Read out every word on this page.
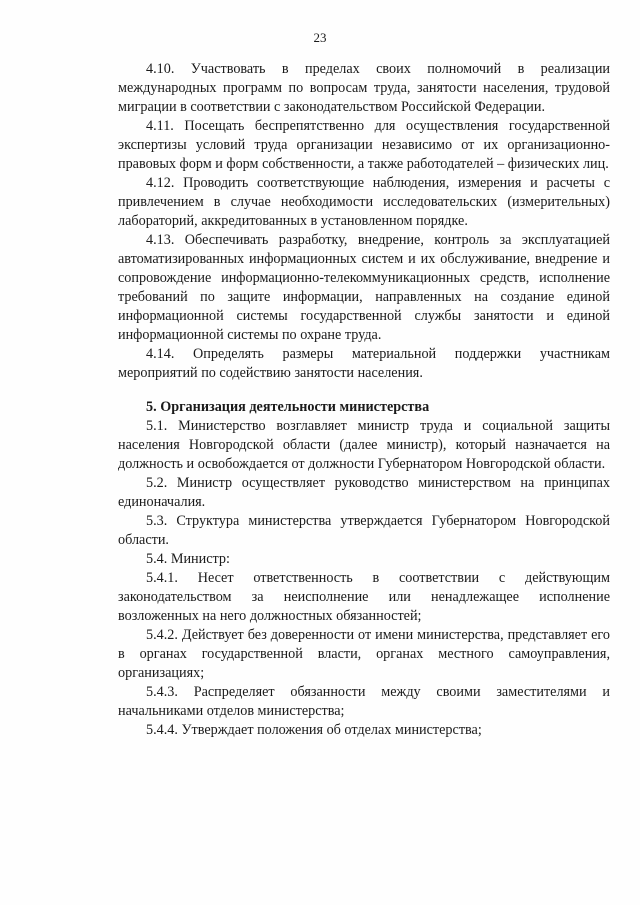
23

4.10. Участвовать в пределах своих полномочий в реализации международных программ по вопросам труда, занятости населения, трудовой миграции в соответствии с законодательством Российской Федерации.

4.11. Посещать беспрепятственно для осуществления государственной экспертизы условий труда организации независимо от их организационно-правовых форм и форм собственности, а также работодателей – физических лиц.

4.12. Проводить соответствующие наблюдения, измерения и расчеты с привлечением в случае необходимости исследовательских (измерительных) лабораторий, аккредитованных в установленном порядке.

4.13. Обеспечивать разработку, внедрение, контроль за эксплуатацией автоматизированных информационных систем и их обслуживание, внедрение и сопровождение информационно-телекоммуникационных средств, исполнение требований по защите информации, направленных на создание единой информационной системы государственной службы занятости и единой информационной системы по охране труда.

4.14. Определять размеры материальной поддержки участникам мероприятий по содействию занятости населения.

5. Организация деятельности министерства

5.1. Министерство возглавляет министр труда и социальной защиты населения Новгородской области (далее министр), который назначается на должность и освобождается от должности Губернатором Новгородской области.

5.2. Министр осуществляет руководство министерством на принципах единоначалия.

5.3. Структура министерства утверждается Губернатором Новгородской области.

5.4. Министр:

5.4.1. Несет ответственность в соответствии с действующим законодательством за неисполнение или ненадлежащее исполнение возложенных на него должностных обязанностей;

5.4.2. Действует без доверенности от имени министерства, представляет его в органах государственной власти, органах местного самоуправления, организациях;

5.4.3. Распределяет обязанности между своими заместителями и начальниками отделов министерства;

5.4.4. Утверждает положения об отделах министерства;
